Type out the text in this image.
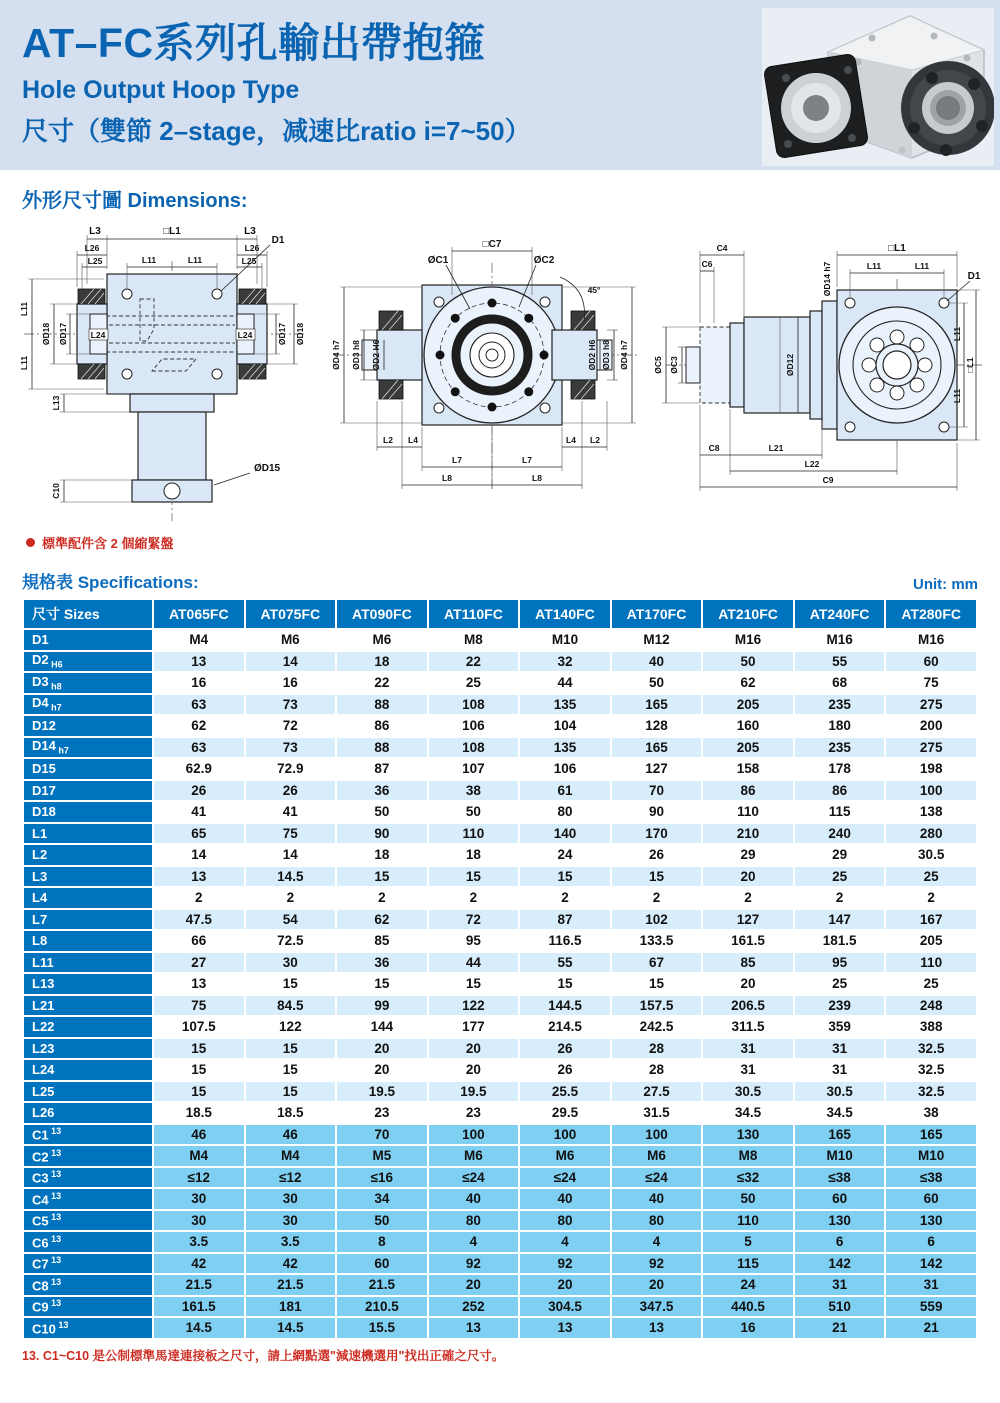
AT–FC系列孔輸出帶抱箍
Hole Output Hoop Type
尺寸（雙節 2–stage，减速比ratio i=7~50）
外形尺寸圖 Dimensions:
L3	□L1	L3
D1
L26
L25
L26
L25
L11	L11
L11
L11
ØD18 ØD17	L24	L24	ØD17 ØD18
L13
C10
ØD15
□C7
ØC1	ØC2
45°
ØD4 h7 ØD3 h8 ØD2 H6	ØD2 H6 ØD3 h8 ØD4 h7
L2 L4	L4 L2
L7	L7
L8	L8
C4
C6
□L1
L11	L11
D1
ØD14 h7
ØD12
ØC5 ØC3
L11
L11
□L1
C8	L21
L22
C9
標準配件含 2 個縮緊盤
規格表 Specifications:	Unit: mm
尺寸 Sizes	AT065FC	AT075FC	AT090FC	AT110FC	AT140FC	AT170FC	AT210FC	AT240FC	AT280FC
D1	M4	M6	M6	M8	M10	M12	M16	M16	M16
D2 $_{H6}$	13	14	18	22	32	40	50	55	60
D3 $_{h8}$	16	16	22	25	44	50	62	68	75
D4 $_{h7}$	63	73	88	108	135	165	205	235	275
D12	62	72	86	106	104	128	160	180	200
D14 $_{h7}$	63	73	88	108	135	165	205	235	275
D15	62.9	72.9	87	107	106	127	158	178	198
D17	26	26	36	38	61	70	86	86	100
D18	41	41	50	50	80	90	110	115	138
L1	65	75	90	110	140	170	210	240	280
L2	14	14	18	18	24	26	29	29	30.5
L3	13	14.5	15	15	15	15	20	25	25
L4	2	2	2	2	2	2	2	2	2
L7	47.5	54	62	72	87	102	127	147	167
L8	66	72.5	85	95	116.5	133.5	161.5	181.5	205
L11	27	30	36	44	55	67	85	95	110
L13	13	15	15	15	15	15	20	25	25
L21	75	84.5	99	122	144.5	157.5	206.5	239	248
L22	107.5	122	144	177	214.5	242.5	311.5	359	388
L23	15	15	20	20	26	28	31	31	32.5
L24	15	15	20	20	26	28	31	31	32.5
L25	15	15	19.5	19.5	25.5	27.5	30.5	30.5	32.5
L26	18.5	18.5	23	23	29.5	31.5	34.5	34.5	38
C1 $^{13}$	46	46	70	100	100	100	130	165	165
C2 $^{13}$	M4	M4	M5	M6	M6	M6	M8	M10	M10
C3 $^{13}$	≤12	≤12	≤16	≤24	≤24	≤24	≤32	≤38	≤38
C4 $^{13}$	30	30	34	40	40	40	50	60	60
C5 $^{13}$	30	30	50	80	80	80	110	130	130
C6 $^{13}$	3.5	3.5	8	4	4	4	5	6	6
C7 $^{13}$	42	42	60	92	92	92	115	142	142
C8 $^{13}$	21.5	21.5	21.5	20	20	20	24	31	31
C9 $^{13}$	161.5	181	210.5	252	304.5	347.5	440.5	510	559
C10 $^{13}$	14.5	14.5	15.5	13	13	13	16	21	21
13. C1~C10 是公制標準馬達連接板之尺寸，請上網點選"減速機選用"找出正確之尺寸。
